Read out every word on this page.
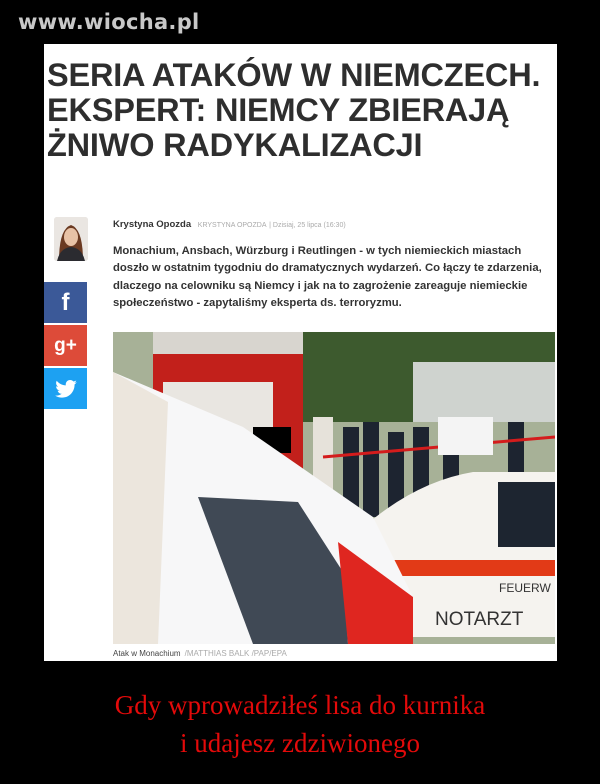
www.wiocha.pl
SERIA ATAKÓW W NIEMCZECH. EKSPERT: NIEMCY ZBIERAJĄ ŻNIWO RADYKALIZACJI
Krystyna Opozda KRYSTYNA OPOZDA | Dzisiaj, 25 lipca (16:30)

Monachium, Ansbach, Würzburg i Reutlingen - w tych niemieckich miastach doszło w ostatnim tygodniu do dramatycznych wydarzeń. Co łączy te zdarzenia, dlaczego na celowniku są Niemcy i jak na to zagrożenie zareaguje niemieckie społeczeństwo - zapytaliśmy eksperta ds. terroryzmu.

f
g+
FEUERW
NOTARZT
Atak w Monachium /MATTHIAS BALK /PAP/EPA
Gdy wprowadziłeś lisa do kurnika
i udajesz zdziwionego
